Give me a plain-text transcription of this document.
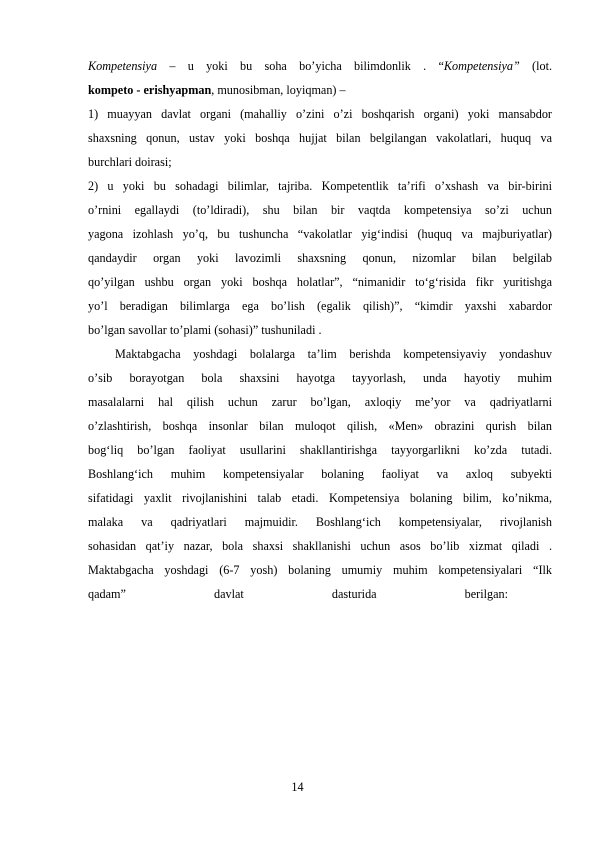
Kompetensiya – u yoki bu soha boʼyicha bilimdonlik . “Kompetensiya” (lot.
kompeto - erishyapman, munosibman, loyiqman) –
1) muayyan davlat organi (mahalliy oʼzini oʼzi boshqarish organi) yoki mansabdor
shaxsning qonun, ustav yoki boshqa hujjat bilan belgilangan vakolatlari, huquq va
burchlari doirasi;
2) u yoki bu sohadagi bilimlar, tajriba. Kompetentlik taʼrifi oʼxshash va bir-birini
oʼrnini egallaydi (toʼldiradi), shu bilan bir vaqtda kompetensiya soʼzi uchun
yagona izohlash yoʼq, bu tushuncha “vakolatlar yigʻindisi (huquq va majburiyatlar)
qandaydir organ yoki lavozimli shaxsning qonun, nizomlar bilan belgilab
qoʼyilgan ushbu organ yoki boshqa holatlar”, “nimanidir toʻgʻrisida fikr yuritishga
yoʼl beradigan bilimlarga ega boʼlish (egalik qilish)”, “kimdir yaxshi xabardor
boʼlgan savollar toʼplami (sohasi)” tushuniladi .
Maktabgacha yoshdagi bolalarga taʼlim berishda kompetensiyaviy yondashuv
oʼsib borayotgan bola shaxsini hayotga tayyorlash, unda hayotiy muhim
masalalarni hal qilish uchun zarur boʼlgan, axloqiy meʼyor va qadriyatlarni
oʼzlashtirish, boshqa insonlar bilan muloqot qilish, «Men» obrazini qurish bilan
bogʻliq boʼlgan faoliyat usullarini shakllantirishga tayyorgarlikni koʼzda tutadi.
Boshlangʻich muhim kompetensiyalar bolaning faoliyat va axloq subyekti
sifatidagi yaxlit rivojlanishini talab etadi. Kompetensiya bolaning bilim, koʼnikma,
malaka va qadriyatlari majmuidir. Boshlangʻich kompetensiyalar, rivojlanish
sohasidan qatʼiy nazar, bola shaxsi shakllanishi uchun asos boʼlib xizmat qiladi .
Maktabgacha yoshdagi (6-7 yosh) bolaning umumiy muhim kompetensiyalari “Ilk
qadam” davlat dasturida berilgan:
14
